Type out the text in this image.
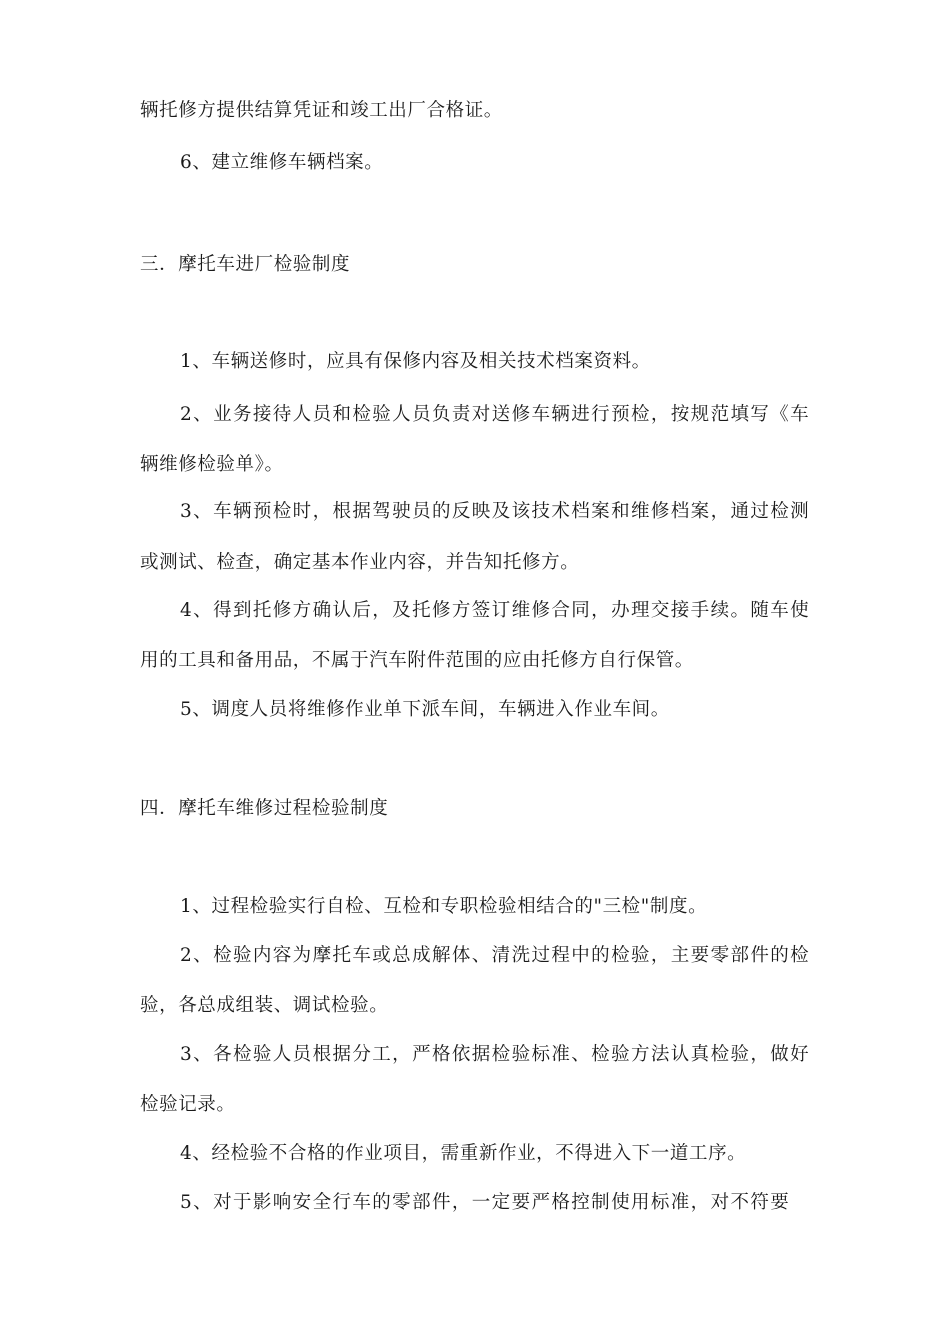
辆托修方提供结算凭证和竣工出厂合格证。
6、建立维修车辆档案。
三．摩托车进厂检验制度
1、车辆送修时，应具有保修内容及相关技术档案资料。
2、业务接待人员和检验人员负责对送修车辆进行预检，按规范填写《车
辆维修检验单》。
3、车辆预检时，根据驾驶员的反映及该技术档案和维修档案，通过检测
或测试、检查，确定基本作业内容，并告知托修方。
4、得到托修方确认后，及托修方签订维修合同，办理交接手续。随车使
用的工具和备用品，不属于汽车附件范围的应由托修方自行保管。
5、调度人员将维修作业单下派车间，车辆进入作业车间。
四．摩托车维修过程检验制度
1、过程检验实行自检、互检和专职检验相结合的"三检"制度。
2、检验内容为摩托车或总成解体、清洗过程中的检验，主要零部件的检
验，各总成组装、调试检验。
3、各检验人员根据分工，严格依据检验标准、检验方法认真检验，做好
检验记录。
4、经检验不合格的作业项目，需重新作业，不得进入下一道工序。
5、对于影响安全行车的零部件，一定要严格控制使用标准，对不符要
